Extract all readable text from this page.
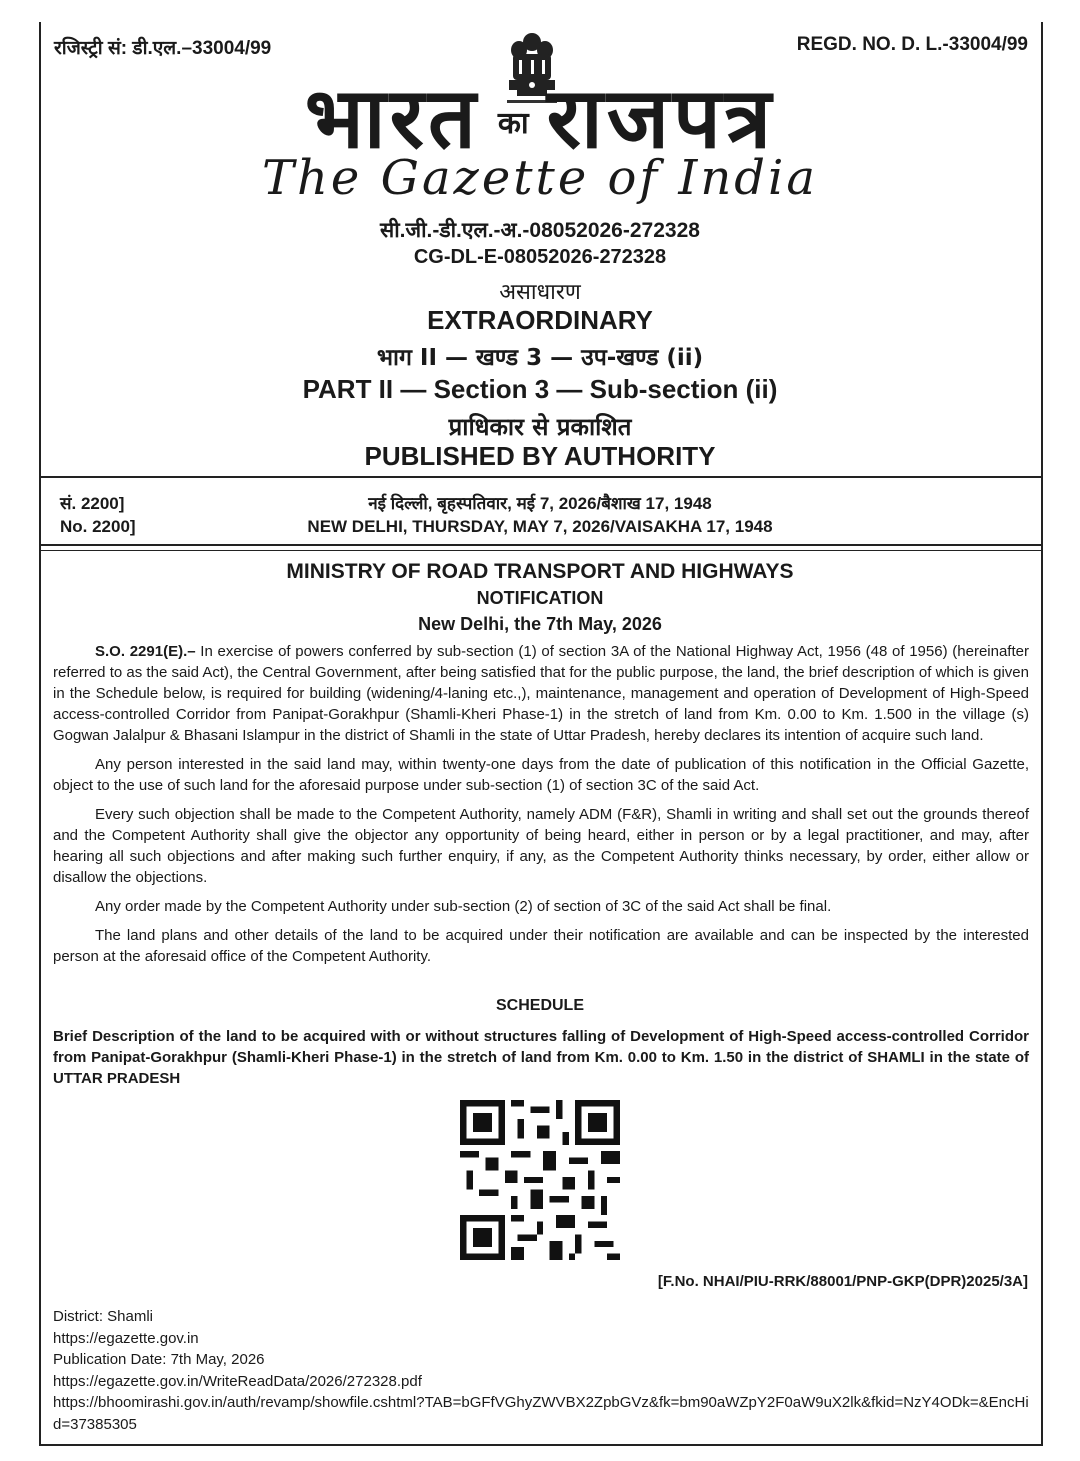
रजिस्ट्री सं: डी.एल.–33004/99	REGD. NO. D. L.-33004/99
भारत का राजपत्र
The Gazette of India
सी.जी.-डी.एल.-अ.-08052026-272328
CG-DL-E-08052026-272328
असाधारण
EXTRAORDINARY
भाग II — खण्ड 3 — उप-खण्ड (ii)
PART II — Section 3 — Sub-section (ii)
प्राधिकार से प्रकाशित
PUBLISHED BY AUTHORITY
सं. 2200]
No. 2200]
नई दिल्ली, बृहस्पतिवार, मई 7, 2026/बैशाख 17, 1948
NEW DELHI, THURSDAY, MAY 7, 2026/VAISAKHA 17, 1948
MINISTRY OF ROAD TRANSPORT AND HIGHWAYS
NOTIFICATION
New Delhi, the 7th May, 2026

S.O. 2291(E).– In exercise of powers conferred by sub-section (1) of section 3A of the National Highway Act, 1956 (48 of 1956) (hereinafter referred to as the said Act), the Central Government, after being satisfied that for the public purpose, the land, the brief description of which is given in the Schedule below, is required for building (widening/4-laning etc.,), maintenance, management and operation of Development of High-Speed access-controlled Corridor from Panipat-Gorakhpur (Shamli-Kheri Phase-1) in the stretch of land from Km. 0.00 to Km. 1.500 in the village (s) Gogwan Jalalpur & Bhasani Islampur in the district of Shamli in the state of Uttar Pradesh, hereby declares its intention of acquire such land.

Any person interested in the said land may, within twenty-one days from the date of publication of this notification in the Official Gazette, object to the use of such land for the aforesaid purpose under sub-section (1) of section 3C of the said Act.

Every such objection shall be made to the Competent Authority, namely ADM (F&R), Shamli in writing and shall set out the grounds thereof and the Competent Authority shall give the objector any opportunity of being heard, either in person or by a legal practitioner, and may, after hearing all such objections and after making such further enquiry, if any, as the Competent Authority thinks necessary, by order, either allow or disallow the objections.

Any order made by the Competent Authority under sub-section (2) of section of 3C of the said Act shall be final.

The land plans and other details of the land to be acquired under their notification are available and can be inspected by the interested person at the aforesaid office of the Competent Authority.

SCHEDULE
Brief Description of the land to be acquired with or without structures falling of Development of High-Speed access-controlled Corridor from Panipat-Gorakhpur (Shamli-Kheri Phase-1) in the stretch of land from Km. 0.00 to Km. 1.50 in the district of SHAMLI in the state of UTTAR PRADESH
[F.No. NHAI/PIU-RRK/88001/PNP-GKP(DPR)2025/3A]
District: Shamli
https://egazette.gov.in
Publication Date: 7th May, 2026
https://egazette.gov.in/WriteReadData/2026/272328.pdf
https://bhoomirashi.gov.in/auth/revamp/showfile.cshtml?TAB=bGFfVGhyZWVBX2ZpbGVz&fk=bm90aWZpY2F0aW9uX2lk&fkid=NzY4ODk=&EncHid=37385305
